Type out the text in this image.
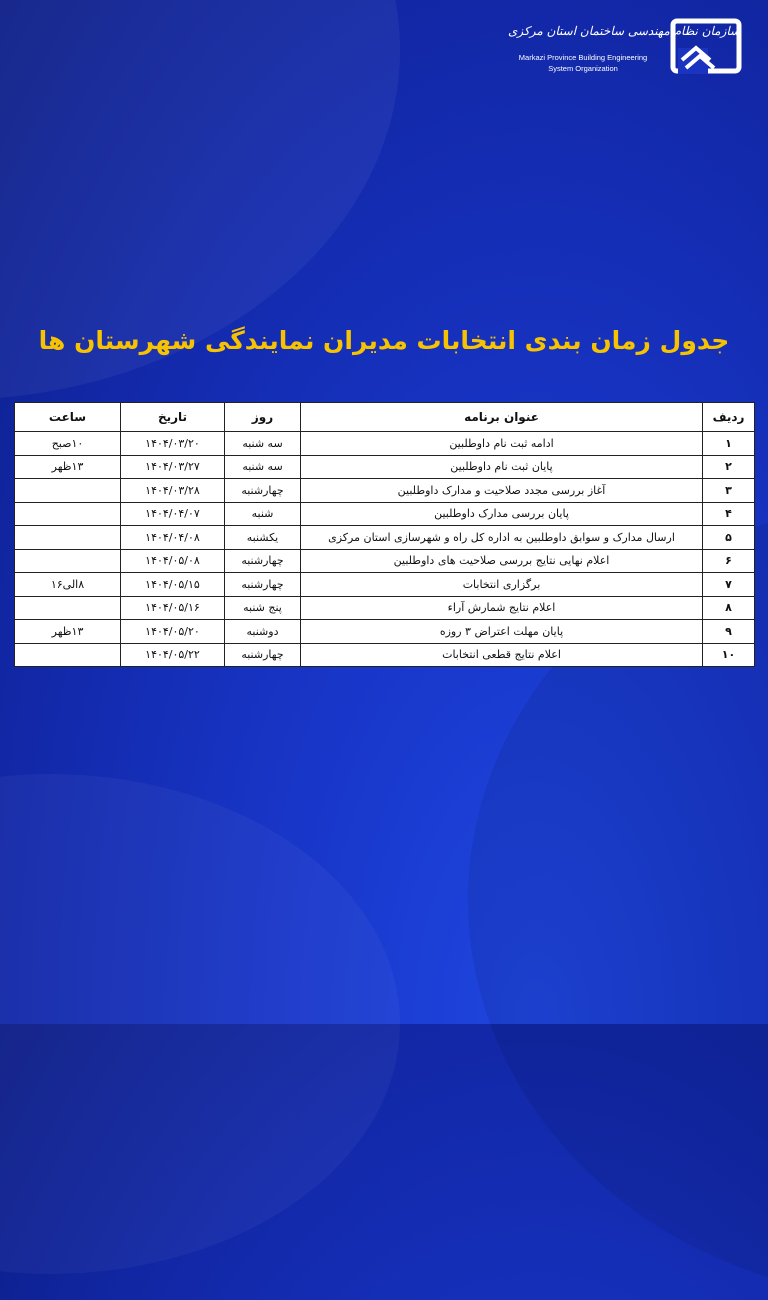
سازمان نظام مهندسی ساختمان استان مرکزی
Markazi Province Building Engineering
System Organization
جدول زمان بندی انتخابات مدیران نمایندگی شهرستان ها
ردیف	عنوان برنامه	روز	تاریخ	ساعت
۱	ادامه ثبت نام داوطلبین	سه شنبه	۱۴۰۴/۰۳/۲۰	۱۰صبح
۲	پایان ثبت نام داوطلبین	سه شنبه	۱۴۰۴/۰۳/۲۷	۱۳ظهر
۳	آغاز بررسی مجدد صلاحیت و مدارک داوطلبین	چهارشنبه	۱۴۰۴/۰۳/۲۸	
۴	پایان بررسی مدارک داوطلبین	شنبه	۱۴۰۴/۰۴/۰۷	
۵	ارسال مدارک و سوابق داوطلبین به اداره کل راه و شهرسازی استان مرکزی	یکشنبه	۱۴۰۴/۰۴/۰۸	
۶	اعلام نهایی نتایج بررسی صلاحیت های داوطلبین	چهارشنبه	۱۴۰۴/۰۵/۰۸	
۷	برگزاری انتخابات	چهارشنبه	۱۴۰۴/۰۵/۱۵	۸الی۱۶
۸	اعلام نتایج شمارش آراء	پنج شنبه	۱۴۰۴/۰۵/۱۶	
۹	پایان مهلت اعتراض ۳ روزه	دوشنبه	۱۴۰۴/۰۵/۲۰	۱۳ظهر
۱۰	اعلام نتایج قطعی انتخابات	چهارشنبه	۱۴۰۴/۰۵/۲۲	
